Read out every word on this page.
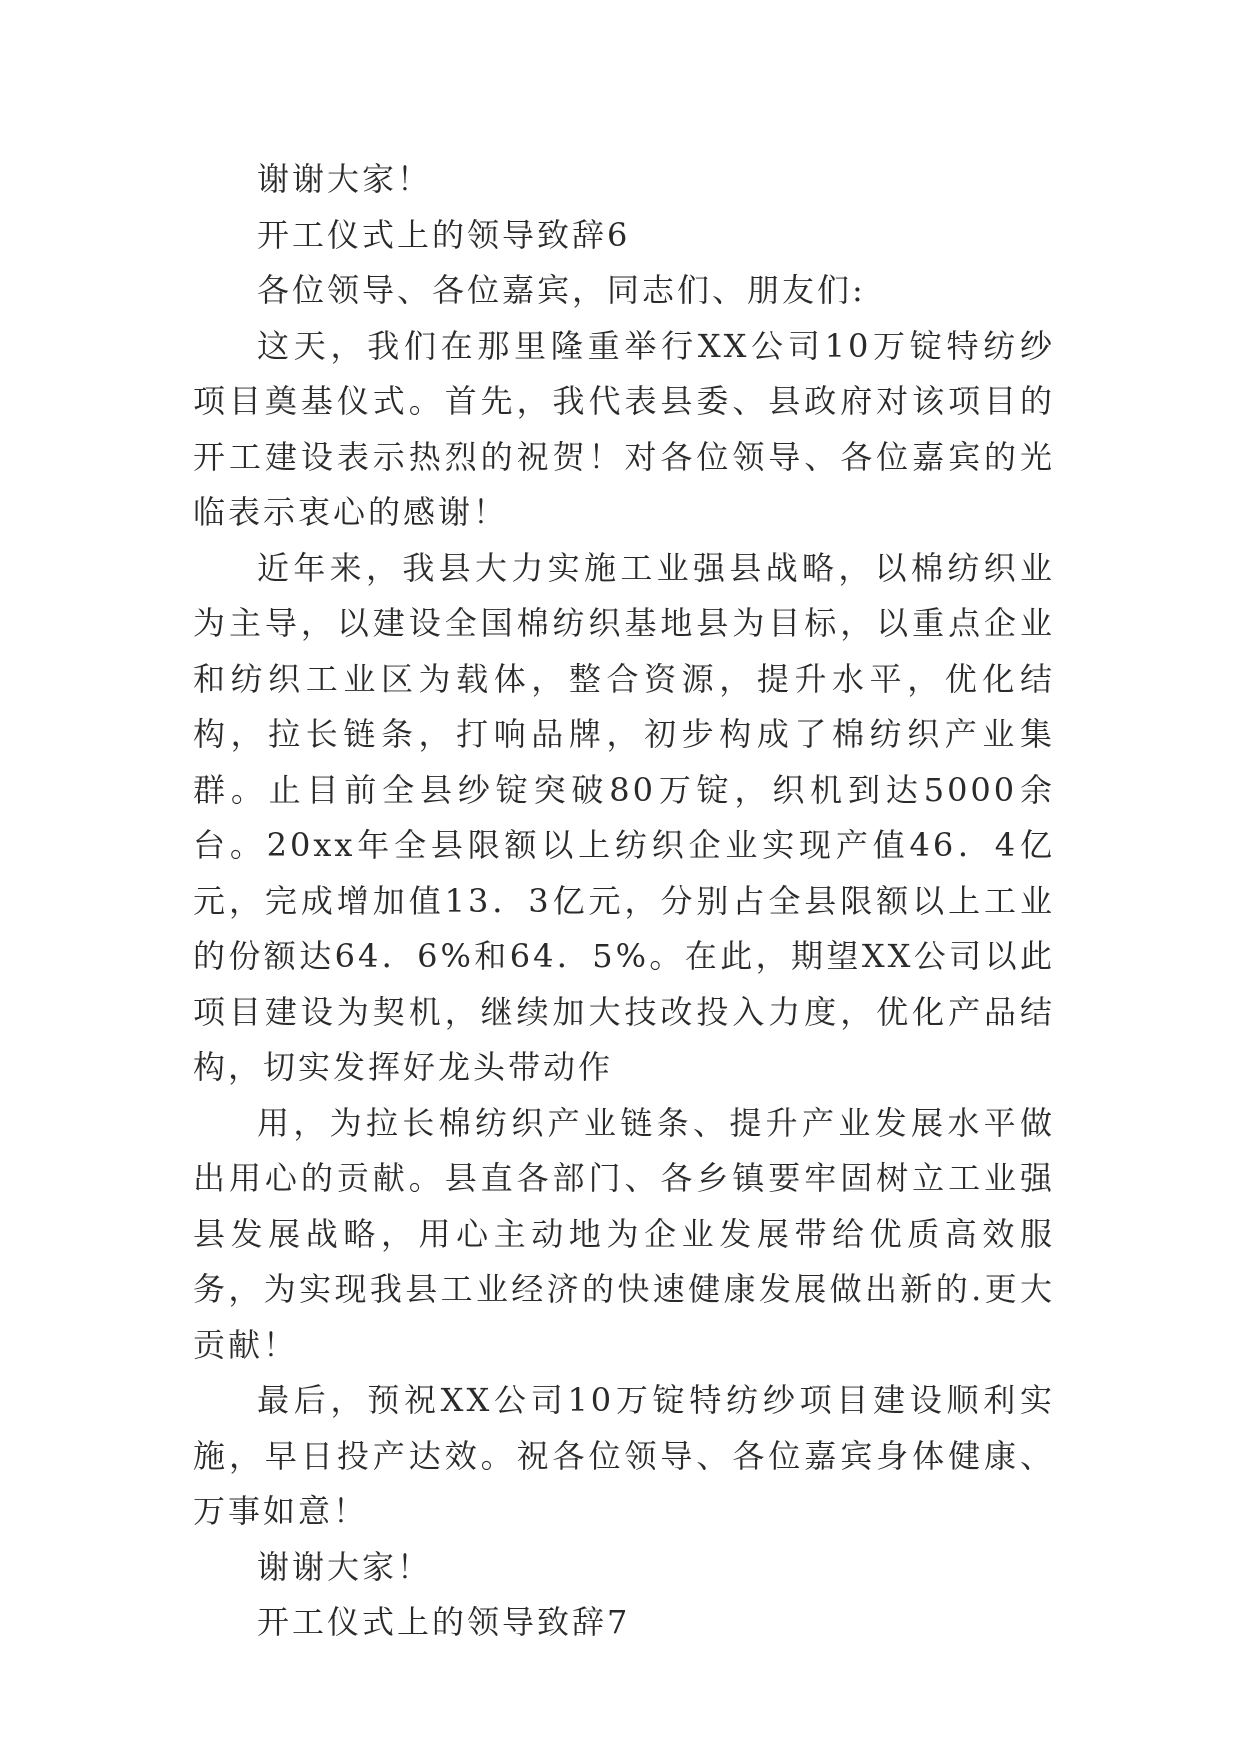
谢谢大家！

开工仪式上的领导致辞6

各位领导、各位嘉宾，同志们、朋友们:

这天，我们在那里隆重举行XX公司10万锭特纺纱项目奠基仪式。首先，我代表县委、县政府对该项目的开工建设表示热烈的祝贺！对各位领导、各位嘉宾的光临表示衷心的感谢！

近年来，我县大力实施工业强县战略，以棉纺织业为主导，以建设全国棉纺织基地县为目标，以重点企业和纺织工业区为载体，整合资源，提升水平，优化结构，拉长链条，打响品牌，初步构成了棉纺织产业集群。止目前全县纱锭突破80万锭，织机到达5000余台。20xx年全县限额以上纺织企业实现产值46．4亿元，完成增加值13．3亿元，分别占全县限额以上工业的份额达64．6%和64．5%。在此，期望XX公司以此项目建设为契机，继续加大技改投入力度，优化产品结构，切实发挥好龙头带动作

用，为拉长棉纺织产业链条、提升产业发展水平做出用心的贡献。县直各部门、各乡镇要牢固树立工业强县发展战略，用心主动地为企业发展带给优质高效服务，为实现我县工业经济的快速健康发展做出新的.更大贡献！

最后，预祝XX公司10万锭特纺纱项目建设顺利实施，早日投产达效。祝各位领导、各位嘉宾身体健康、万事如意！

谢谢大家！

开工仪式上的领导致辞7
